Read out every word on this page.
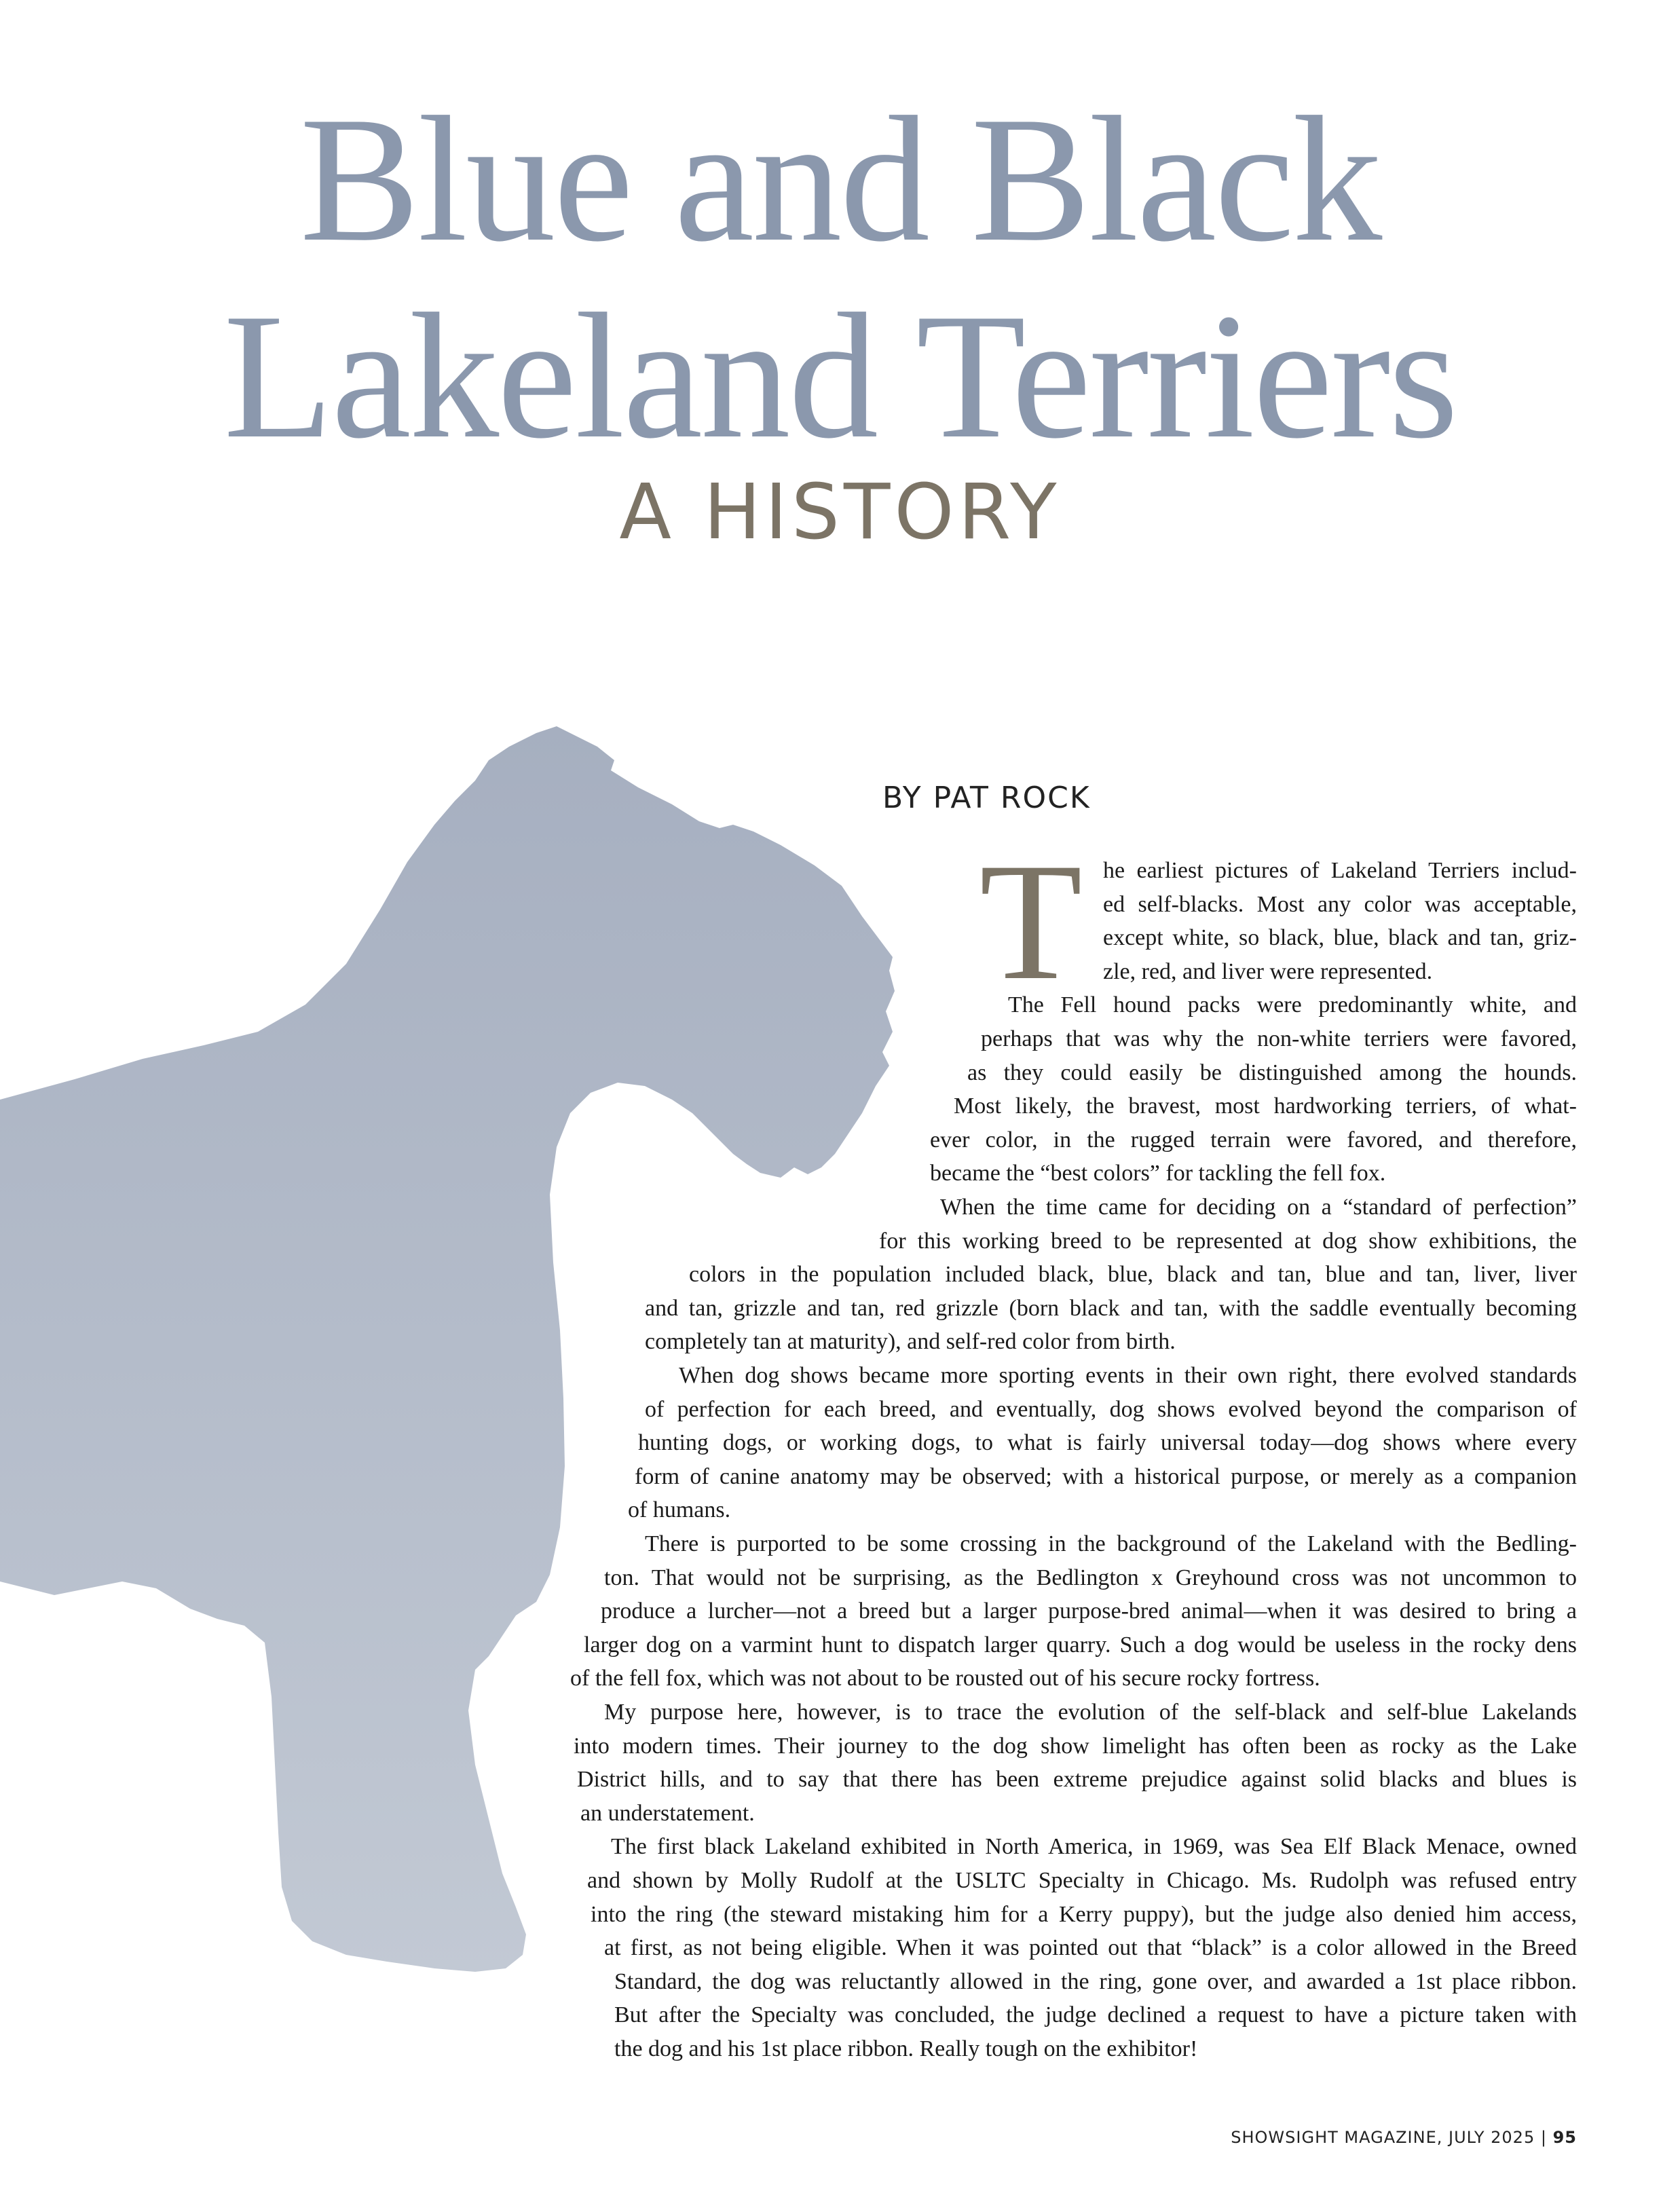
Blue and Black
Lakeland Terriers
A HISTORY
BY PAT ROCK
T he earliest pictures of Lakeland Terriers includ-
ed self-blacks. Most any color was acceptable,
except white, so black, blue, black and tan, griz-
zle, red, and liver were represented.
The Fell hound packs were predominantly white, and
perhaps that was why the non-white terriers were favored,
as they could easily be distinguished among the hounds.
Most likely, the bravest, most hardworking terriers, of what-
ever color, in the rugged terrain were favored, and therefore,
became the “best colors” for tackling the fell fox.
When the time came for deciding on a “standard of perfection”
for this working breed to be represented at dog show exhibitions, the
colors in the population included black, blue, black and tan, blue and tan, liver, liver
and tan, grizzle and tan, red grizzle (born black and tan, with the saddle eventually becoming
completely tan at maturity), and self-red color from birth.
When dog shows became more sporting events in their own right, there evolved standards
of perfection for each breed, and eventually, dog shows evolved beyond the comparison of
hunting dogs, or working dogs, to what is fairly universal today—dog shows where every
form of canine anatomy may be observed; with a historical purpose, or merely as a companion
of humans.
There is purported to be some crossing in the background of the Lakeland with the Bedling-
ton. That would not be surprising, as the Bedlington x Greyhound cross was not uncommon to
produce a lurcher—not a breed but a larger purpose-bred animal—when it was desired to bring a
larger dog on a varmint hunt to dispatch larger quarry. Such a dog would be useless in the rocky dens
of the fell fox, which was not about to be rousted out of his secure rocky fortress.
My purpose here, however, is to trace the evolution of the self-black and self-blue Lakelands
into modern times. Their journey to the dog show limelight has often been as rocky as the Lake
District hills, and to say that there has been extreme prejudice against solid blacks and blues is
an understatement.
The first black Lakeland exhibited in North America, in 1969, was Sea Elf Black Menace, owned
and shown by Molly Rudolf at the USLTC Specialty in Chicago. Ms. Rudolph was refused entry
into the ring (the steward mistaking him for a Kerry puppy), but the judge also denied him access,
at first, as not being eligible. When it was pointed out that “black” is a color allowed in the Breed
Standard, the dog was reluctantly allowed in the ring, gone over, and awarded a 1st place ribbon.
But after the Specialty was concluded, the judge declined a request to have a picture taken with
the dog and his 1st place ribbon. Really tough on the exhibitor!
SHOWSIGHT MAGAZINE, JULY 2025 | 95
